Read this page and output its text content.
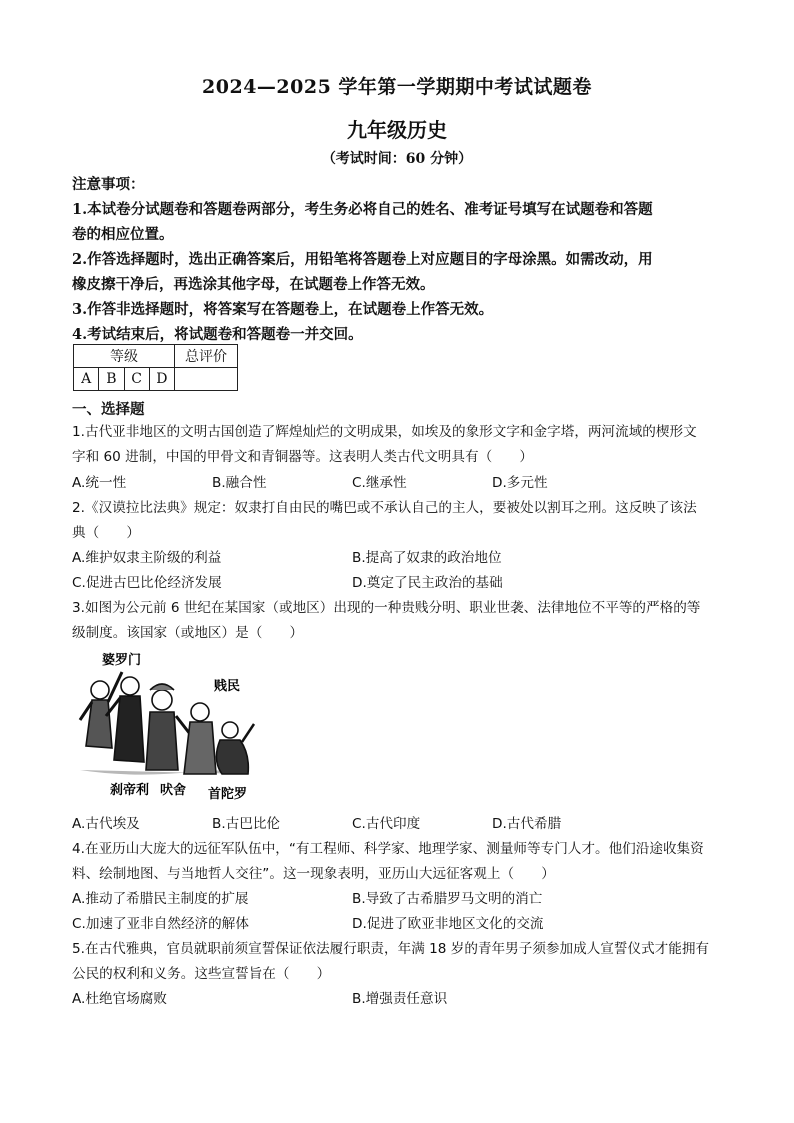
2024—2025 学年第一学期期中考试试题卷
九年级历史
（考试时间：60 分钟）

注意事项：

1.本试卷分试题卷和答题卷两部分，考生务必将自己的姓名、准考证号填写在试题卷和答题

卷的相应位置。

2.作答选择题时，选出正确答案后，用铅笔将答题卷上对应题目的字母涂黑。如需改动，用

橡皮擦干净后，再选涂其他字母，在试题卷上作答无效。

3.作答非选择题时，将答案写在答题卷上，在试题卷上作答无效。

4.考试结束后，将试题卷和答题卷一并交回。

等级				总评价
A	B	C	D	
一、选择题

1.古代亚非地区的文明古国创造了辉煌灿烂的文明成果，如埃及的象形文字和金字塔，两河流域的楔形文

字和 60 进制，中国的甲骨文和青铜器等。这表明人类古代文明具有（　　）

A.统一性	B.融合性	C.继承性	D.多元性

2.《汉谟拉比法典》规定：奴隶打自由民的嘴巴或不承认自己的主人，要被处以割耳之刑。这反映了该法

典（　　）

A.维护奴隶主阶级的利益	B.提高了奴隶的政治地位
C.促进古巴比伦经济发展	D.奠定了民主政治的基础

3.如图为公元前 6 世纪在某国家（或地区）出现的一种贵贱分明、职业世袭、法律地位不平等的严格的等

级制度。该国家（或地区）是（　　）

婆罗门
贱民
刹帝利 吠舍 首陀罗
A.古代埃及	B.古巴比伦	C.古代印度	D.古代希腊

4.在亚历山大庞大的远征军队伍中，“有工程师、科学家、地理学家、测量师等专门人才。他们沿途收集资

料、绘制地图、与当地哲人交往”。这一现象表明，亚历山大远征客观上（　　）

A.推动了希腊民主制度的扩展	B.导致了古希腊罗马文明的消亡
C.加速了亚非自然经济的解体	D.促进了欧亚非地区文化的交流

5.在古代雅典，官员就职前须宣誓保证依法履行职责，年满 18 岁的青年男子须参加成人宣誓仪式才能拥有

公民的权利和义务。这些宣誓旨在（　　）

A.杜绝官场腐败	B.增强责任意识
